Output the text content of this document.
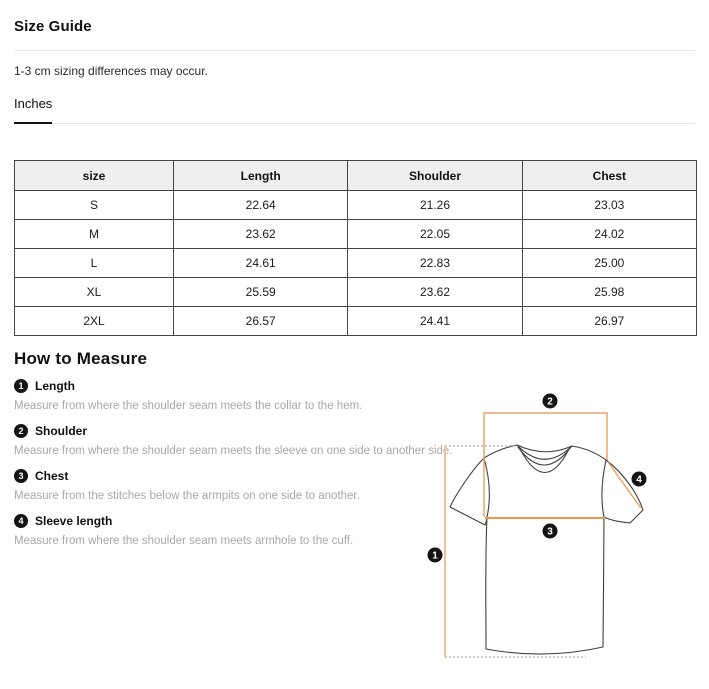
Size Guide

1-3 cm sizing differences may occur.

Inches
size	Length	Shoulder	Chest
S	22.64	21.26	23.03
M	23.62	22.05	24.02
L	24.61	22.83	25.00
XL	25.59	23.62	25.98
2XL	26.57	24.41	26.97
How to Measure
1 Length

Measure from where the shoulder seam meets the collar to the hem.

2 Shoulder

Measure from where the shoulder seam meets the sleeve on one side to another side.

3 Chest

Measure from the stitches below the armpits on one side to another.

4 Sleeve length

Measure from where the shoulder seam meets armhole to the cuff.

1
2
3
4
